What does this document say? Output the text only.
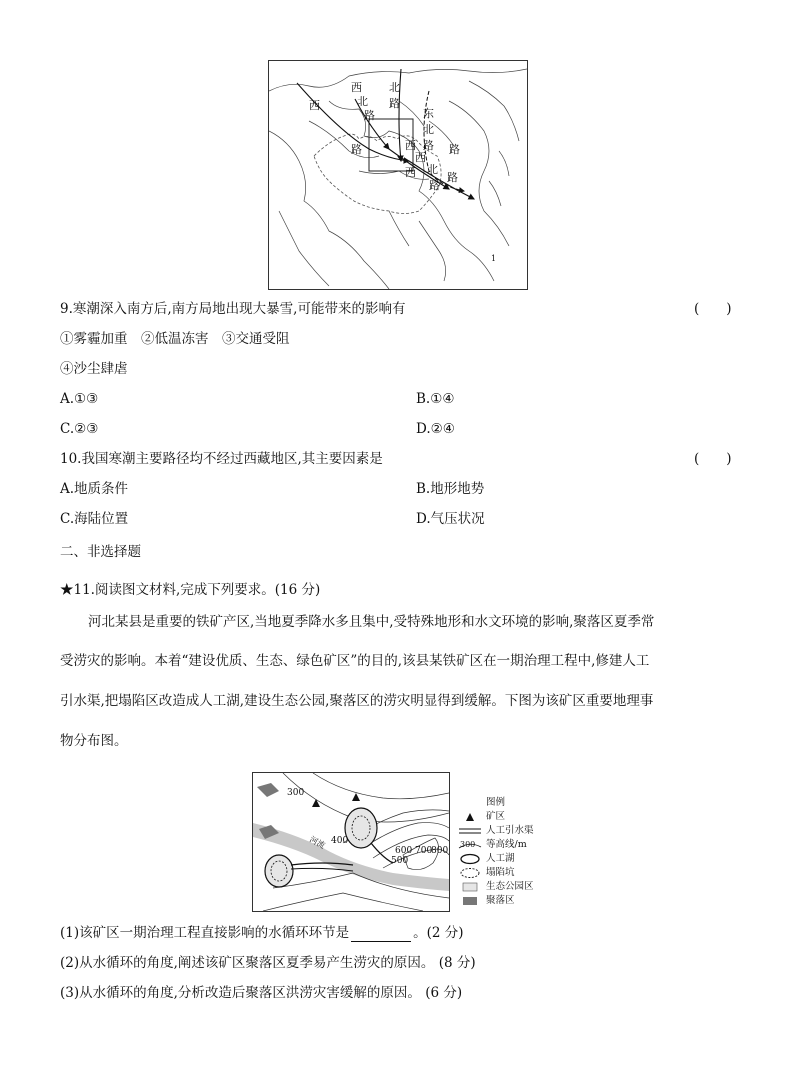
西
西
北
路
路
北
路
东
北
路 路
西
西
北
路
路
西
1
9.寒潮深入南方后,南方局地出现大暴雪,可能带来的影响有	(　　)
①雾霾加重　②低温冻害　③交通受阻
④沙尘肆虐
A.①③	B.①④
C.②③	D.②④
10.我国寒潮主要路径均不经过西藏地区,其主要因素是	(　　)
A.地质条件	B.地形地势
C.海陆位置	D.气压状况
二、非选择题
★11.阅读图文材料,完成下列要求。(16 分)
河北某县是重要的铁矿产区,当地夏季降水多且集中,受特殊地形和水文环境的影响,聚落区夏季常
受涝灾的影响。本着“建设优质、生态、绿色矿区”的目的,该县某铁矿区在一期治理工程中,修建人工
引水渠,把塌陷区改造成人工湖,建设生态公园,聚落区的涝灾明显得到缓解。下图为该矿区重要地理事
物分布图。
300
400
500
600 700
800
河流
图例
矿区
人工引水渠
300 等高线/m
人工湖
塌陷坑
生态公园区
聚落区
(1)该矿区一期治理工程直接影响的水循环环节是	。(2 分)
(2)从水循环的角度,阐述该矿区聚落区夏季易产生涝灾的原因。 (8 分)
(3)从水循环的角度,分析改造后聚落区洪涝灾害缓解的原因。 (6 分)
